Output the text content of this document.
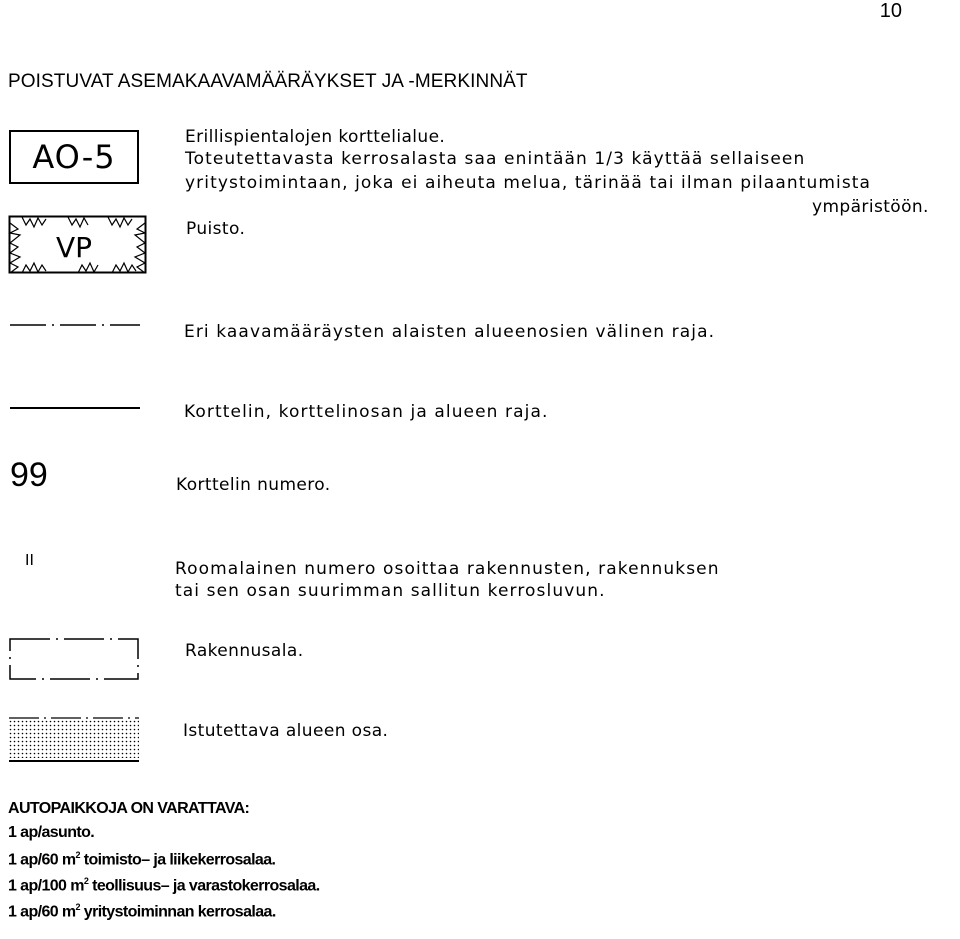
10
POISTUVAT ASEMAKAAVAMÄÄRÄYKSET JA -MERKINNÄT
AO-5
Erillispientalojen korttelialue.
Toteutettavasta kerrosalasta saa enintään 1/3 käyttää sellaiseen
yritystoimintaan, joka ei aiheuta melua, tärinää tai ilman pilaantumista
ympäristöön.
VP
Puisto.
Eri kaavamääräysten alaisten alueenosien välinen raja.
Korttelin, korttelinosan ja alueen raja.
99	Korttelin numero.
II	Roomalainen numero osoittaa rakennusten, rakennuksen
tai sen osan suurimman sallitun kerrosluvun.
Rakennusala.
Istutettava alueen osa.
AUTOPAIKKOJA ON VARATTAVA:
1 ap/asunto.
1 ap/60 $m^2$ toimisto– ja liikekerrosalaa.
1 ap/100 $m^2$ teollisuus– ja varastokerrosalaa.
1 ap/60 $m^2$ yritystoiminnan kerrosalaa.
